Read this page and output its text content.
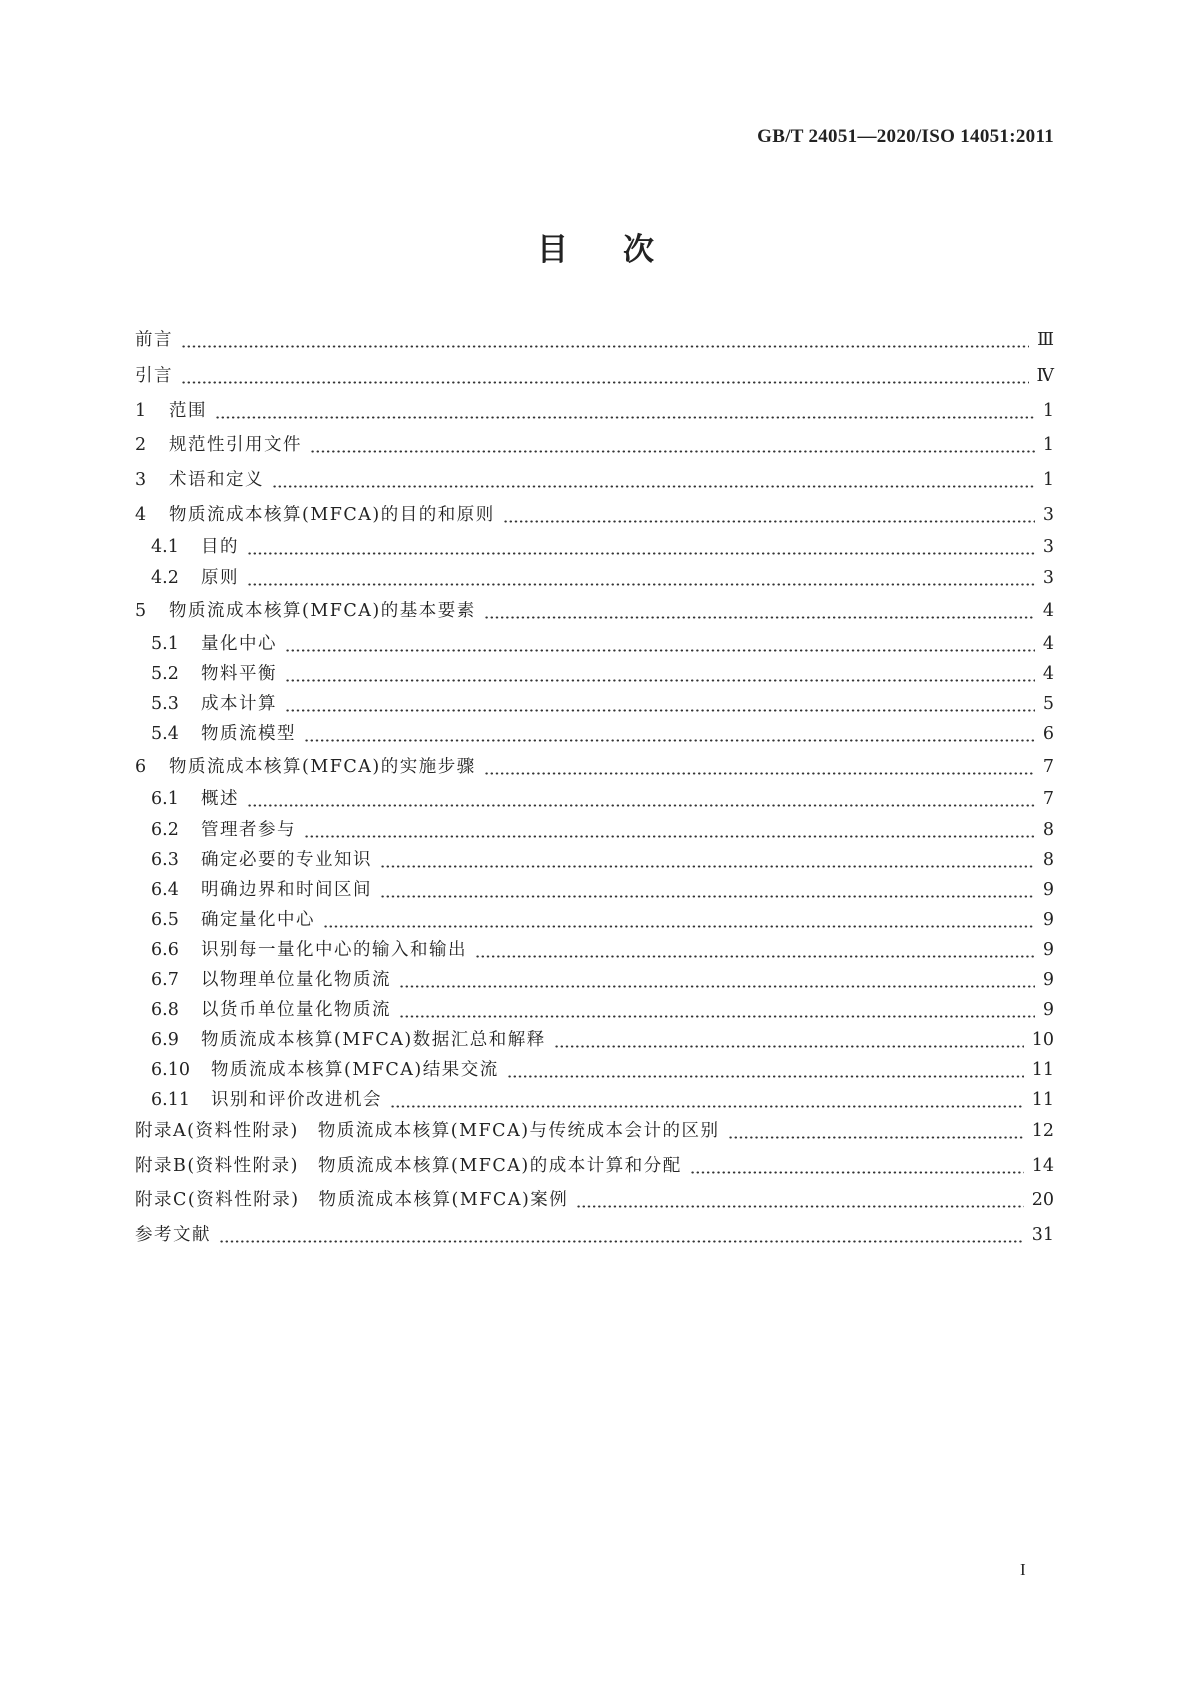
GB/T 24051—2020/ISO 14051:2011
目次
前言	Ⅲ
引言	Ⅳ
1	范围	1
2	规范性引用文件	1
3	术语和定义	1
4	物质流成本核算(MFCA)的目的和原则	3
4.1	目的	3
4.2	原则	3
5	物质流成本核算(MFCA)的基本要素	4
5.1	量化中心	4
5.2	物料平衡	4
5.3	成本计算	5
5.4	物质流模型	6
6	物质流成本核算(MFCA)的实施步骤	7
6.1	概述	7
6.2	管理者参与	8
6.3	确定必要的专业知识	8
6.4	明确边界和时间区间	9
6.5	确定量化中心	9
6.6	识别每一量化中心的输入和输出	9
6.7	以物理单位量化物质流	9
6.8	以货币单位量化物质流	9
6.9	物质流成本核算(MFCA)数据汇总和解释	10
6.10	物质流成本核算(MFCA)结果交流	11
6.11	识别和评价改进机会	11
附录A(资料性附录)　物质流成本核算(MFCA)与传统成本会计的区别	12
附录B(资料性附录)　物质流成本核算(MFCA)的成本计算和分配	14
附录C(资料性附录)　物质流成本核算(MFCA)案例	20
参考文献	31
I
